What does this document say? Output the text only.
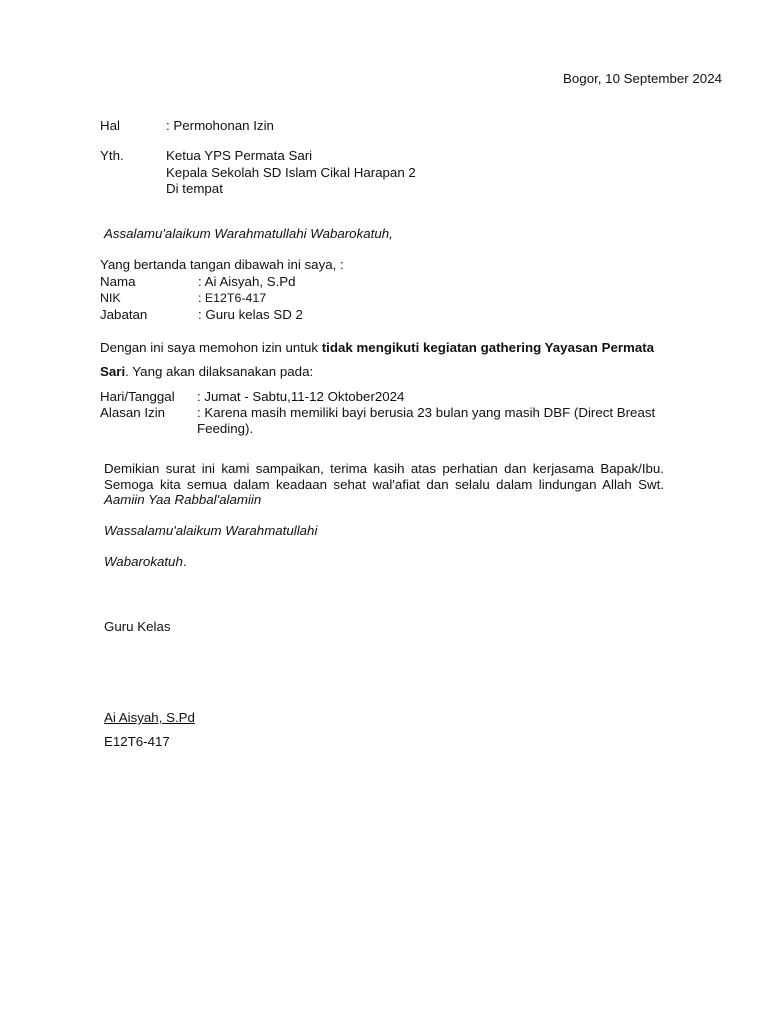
Bogor, 10 September 2024
Hal	: Permohonan Izin
Yth.	Ketua YPS Permata Sari
Kepala Sekolah SD Islam Cikal Harapan 2
Di tempat
Assalamu'alaikum Warahmatullahi Wabarokatuh,
Yang bertanda tangan dibawah ini saya, :
Nama	: Ai Aisyah, S.Pd
NIK	: E12T6-417
Jabatan	: Guru kelas SD 2
Dengan ini saya memohon izin untuk tidak mengikuti kegiatan gathering Yayasan Permata Sari. Yang akan dilaksanakan pada:
Hari/Tanggal : Jumat - Sabtu,11-12 Oktober2024
Alasan Izin : Karena masih memiliki bayi berusia 23 bulan yang masih DBF (Direct Breast Feeding).
Demikian surat ini kami sampaikan, terima kasih atas perhatian dan kerjasama Bapak/Ibu. Semoga kita semua dalam keadaan sehat wal'afiat dan selalu dalam lindungan Allah Swt. Aamiin Yaa Rabbal'alamiin
Wassalamu'alaikum Warahmatullahi
Wabarokatuh.
Guru Kelas
Ai Aisyah, S.Pd
E12T6-417
